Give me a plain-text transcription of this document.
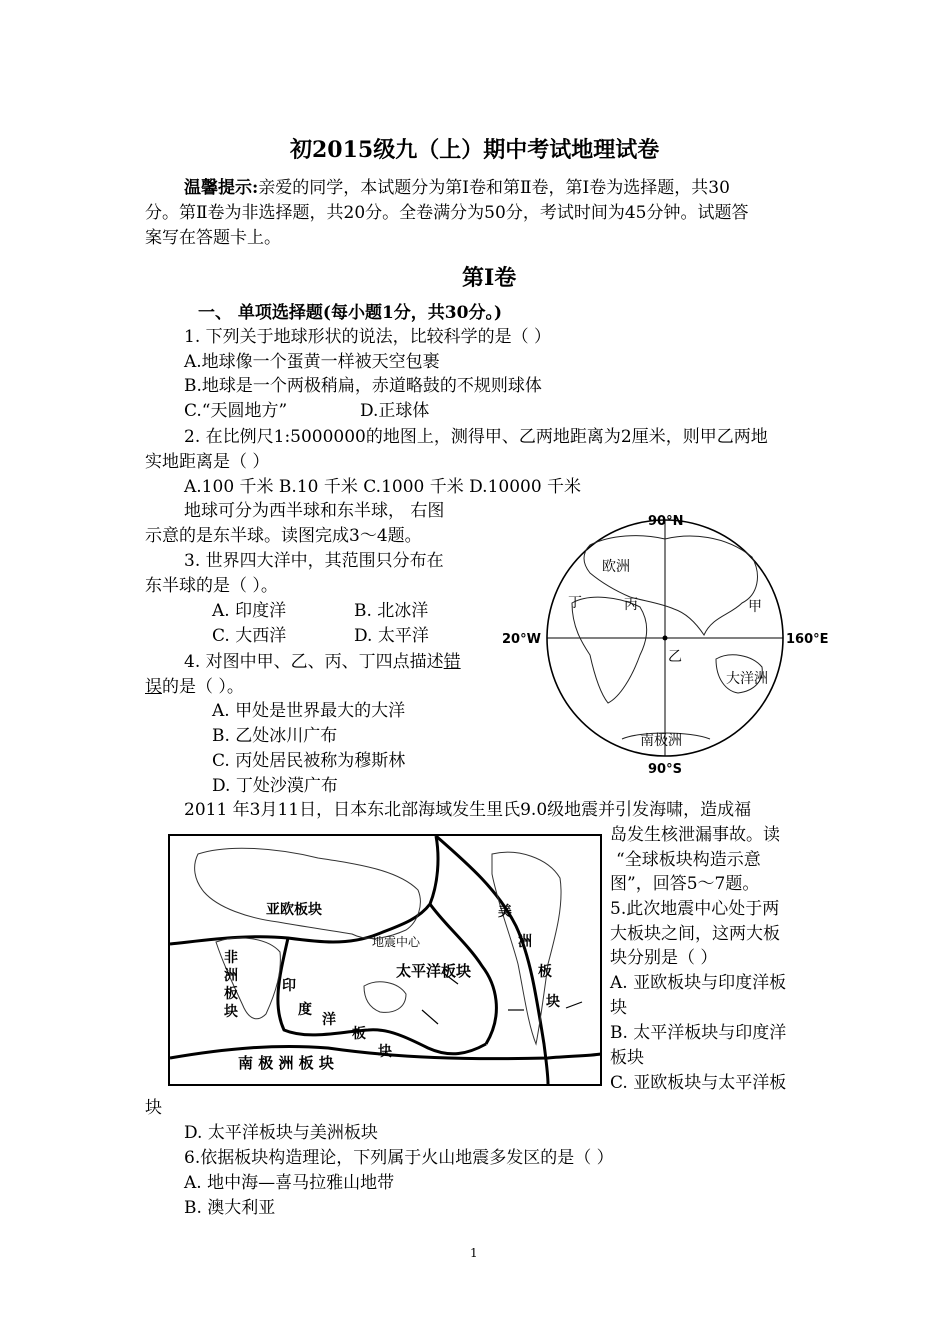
初2015级九（上）期中考试地理试卷
温馨提示:亲爱的同学，本试题分为第Ⅰ卷和第Ⅱ卷，第Ⅰ卷为选择题，共30
分。第Ⅱ卷为非选择题，共20分。全卷满分为50分，考试时间为45分钟。试题答
案写在答题卡上。
第Ⅰ卷
一、 单项选择题(每小题1分，共30分。)
1. 下列关于地球形状的说法，比较科学的是（ ）
A.地球像一个蛋黄一样被天空包裹
B.地球是一个两极稍扁，赤道略鼓的不规则球体
C.“天圆地方”	D.正球体
2. 在比例尺1:5000000的地图上，测得甲、乙两地距离为2厘米，则甲乙两地
实地距离是（ ）
A.100 千米 B.10 千米 C.1000 千米 D.10000 千米
地球可分为西半球和东半球， 右图
示意的是东半球。读图完成3～4题。
3. 世界四大洋中，其范围只分布在
东半球的是（ ）。
A. 印度洋	B. 北冰洋
C. 大西洋	D. 太平洋
4. 对图中甲、乙、丙、丁四点描述错
误的是（ ）。
A. 甲处是世界最大的大洋
B. 乙处冰川广布
C. 丙处居民被称为穆斯林
D. 丁处沙漠广布
90°N
90°S
20°W	160°E
欧洲
大洋洲
南极洲
甲
乙
丙
丁
2011 年3月11日，日本东北部海域发生里氏9.0级地震并引发海啸，造成福
岛发生核泄漏事故。读
“全球板块构造示意
图”，回答5～7题。
亚欧板块
地震中心
太平洋板块
非
洲
板
块
印
度
洋
板
块
美
洲
板
块
南 极 洲 板 块
5.此次地震中心处于两
大板块之间，这两大板
块分别是（ ）
A. 亚欧板块与印度洋板
块
B. 太平洋板块与印度洋
板块
C. 亚欧板块与太平洋板
块
D. 太平洋板块与美洲板块
6.依据板块构造理论，下列属于火山地震多发区的是（ ）
A. 地中海—喜马拉雅山地带
B. 澳大利亚
1
